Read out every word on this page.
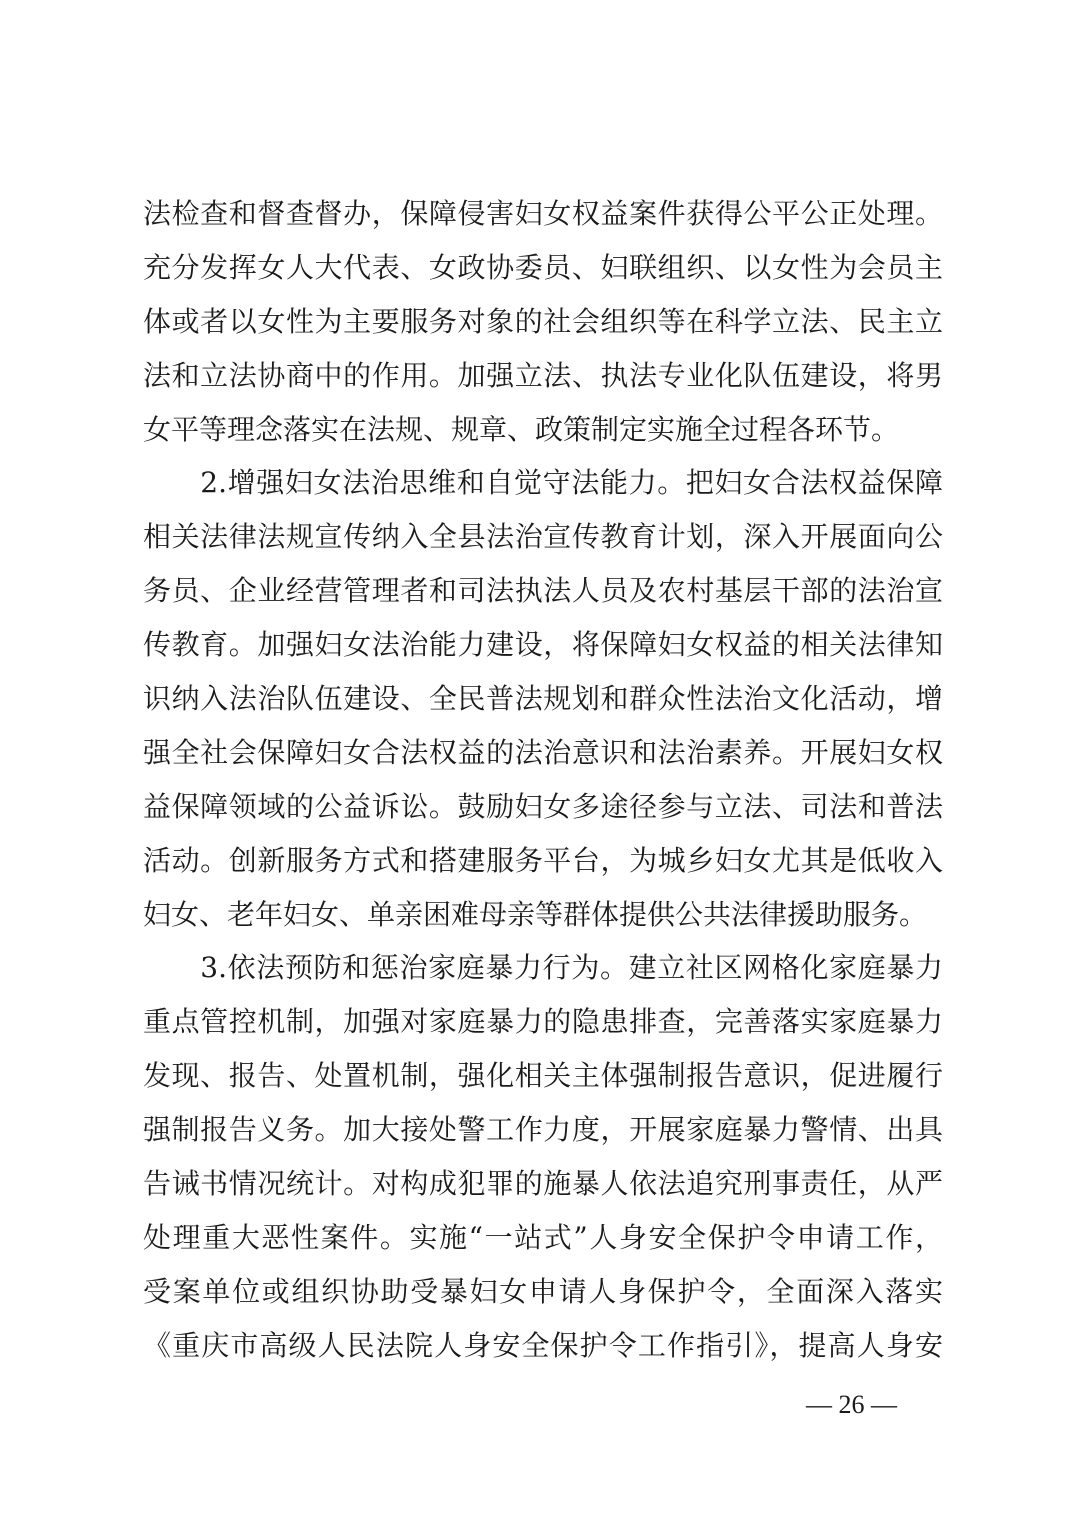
法检查和督查督办，保障侵害妇女权益案件获得公平公正处理。
充分发挥女人大代表、女政协委员、妇联组织、以女性为会员主
体或者以女性为主要服务对象的社会组织等在科学立法、民主立
法和立法协商中的作用。加强立法、执法专业化队伍建设，将男
女平等理念落实在法规、规章、政策制定实施全过程各环节。
　　2.增强妇女法治思维和自觉守法能力。把妇女合法权益保障
相关法律法规宣传纳入全县法治宣传教育计划，深入开展面向公
务员、企业经营管理者和司法执法人员及农村基层干部的法治宣
传教育。加强妇女法治能力建设，将保障妇女权益的相关法律知
识纳入法治队伍建设、全民普法规划和群众性法治文化活动，增
强全社会保障妇女合法权益的法治意识和法治素养。开展妇女权
益保障领域的公益诉讼。鼓励妇女多途径参与立法、司法和普法
活动。创新服务方式和搭建服务平台，为城乡妇女尤其是低收入
妇女、老年妇女、单亲困难母亲等群体提供公共法律援助服务。
　　3.依法预防和惩治家庭暴力行为。建立社区网格化家庭暴力
重点管控机制，加强对家庭暴力的隐患排查，完善落实家庭暴力
发现、报告、处置机制，强化相关主体强制报告意识，促进履行
强制报告义务。加大接处警工作力度，开展家庭暴力警情、出具
告诫书情况统计。对构成犯罪的施暴人依法追究刑事责任，从严
处理重大恶性案件。实施“一站式”人身安全保护令申请工作，
受案单位或组织协助受暴妇女申请人身保护令，全面深入落实
《重庆市高级人民法院人身安全保护令工作指引》，提高人身安
— 26 —
